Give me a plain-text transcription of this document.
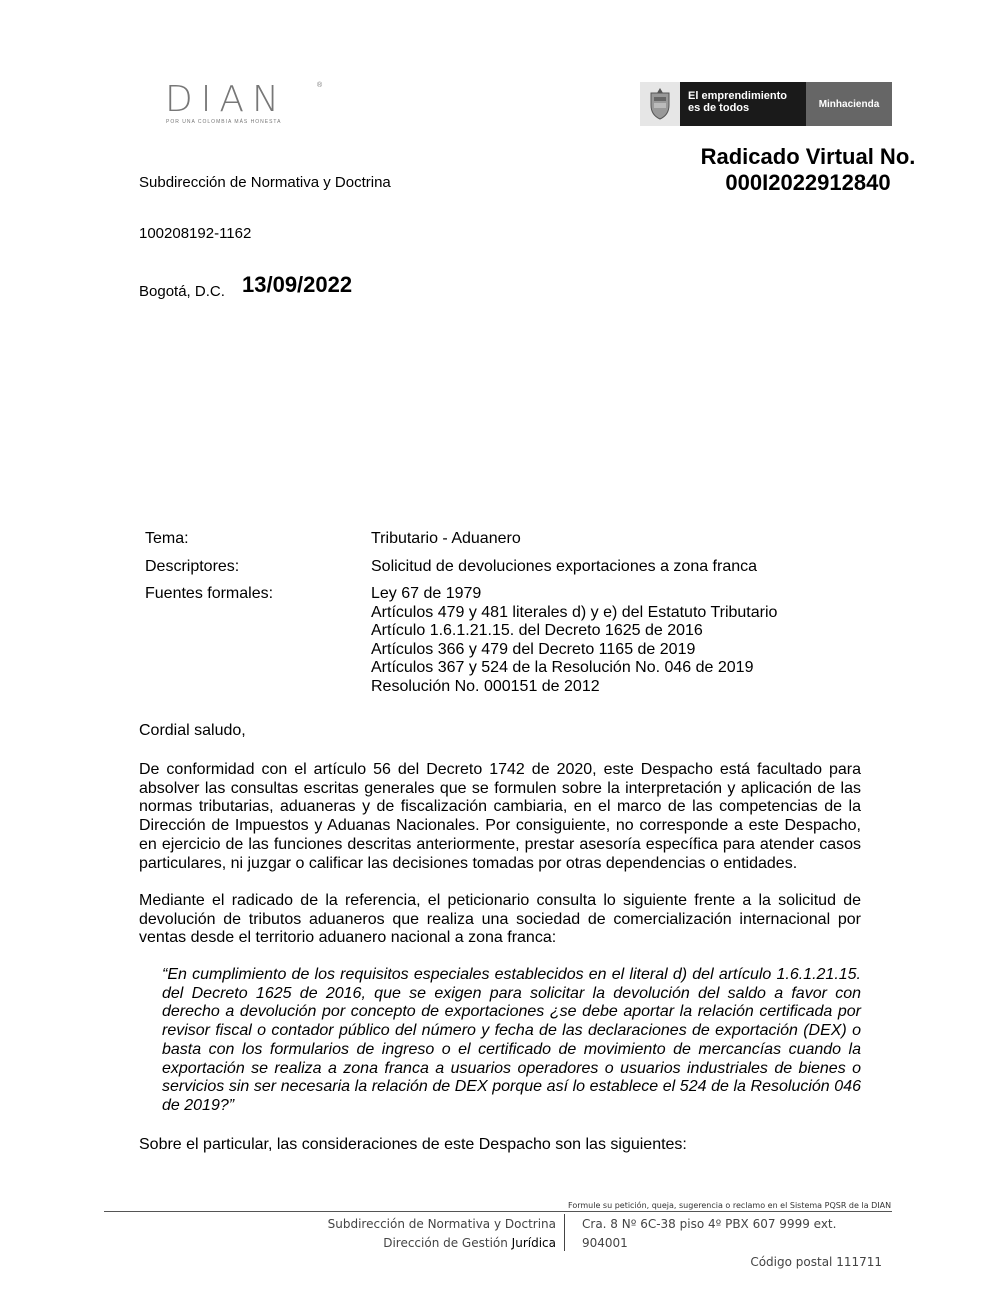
DIAN	®
POR UNA COLOMBIA MÁS HONESTA
El emprendimiento
es de todos	Minhacienda
Radicado Virtual No.
000I2022912840
Subdirección de Normativa y Doctrina
100208192-1162
Bogotá, D.C. 13/09/2022
Tema:	Tributario - Aduanero
Descriptores:	Solicitud de devoluciones exportaciones a zona franca
Fuentes formales:	Ley 67 de 1979
Artículos 479 y 481 literales d) y e) del Estatuto Tributario
Artículo 1.6.1.21.15. del Decreto 1625 de 2016
Artículos 366 y 479 del Decreto 1165 de 2019
Artículos 367 y 524 de la Resolución No. 046 de 2019
Resolución No. 000151 de 2012
Cordial saludo,
De conformidad con el artículo 56 del Decreto 1742 de 2020, este Despacho está facultado para absolver las consultas escritas generales que se formulen sobre la interpretación y aplicación de las normas tributarias, aduaneras y de fiscalización cambiaria, en el marco de las competencias de la Dirección de Impuestos y Aduanas Nacionales. Por consiguiente, no corresponde a este Despacho, en ejercicio de las funciones descritas anteriormente, prestar asesoría específica para atender casos particulares, ni juzgar o calificar las decisiones tomadas por otras dependencias o entidades.
Mediante el radicado de la referencia, el peticionario consulta lo siguiente frente a la solicitud de devolución de tributos aduaneros que realiza una sociedad de comercialización internacional por ventas desde el territorio aduanero nacional a zona franca:
“En cumplimiento de los requisitos especiales establecidos en el literal d) del artículo 1.6.1.21.15. del Decreto 1625 de 2016, que se exigen para solicitar la devolución del saldo a favor con derecho a devolución por concepto de exportaciones ¿se debe aportar la relación certificada por revisor fiscal o contador público del número y fecha de las declaraciones de exportación (DEX) o basta con los formularios de ingreso o el certificado de movimiento de mercancías cuando la exportación se realiza a zona franca a usuarios operadores o usuarios industriales de bienes o servicios sin ser necesaria la relación de DEX porque así lo establece el 524 de la Resolución 046 de 2019?”
Sobre el particular, las consideraciones de este Despacho son las siguientes:
Formule su petición, queja, sugerencia o reclamo en el Sistema PQSR de la DIAN
Subdirección de Normativa y Doctrina
Dirección de Gestión Jurídica
Cra. 8 Nº 6C-38 piso 4º PBX 607 9999 ext. 904001
Código postal 111711
